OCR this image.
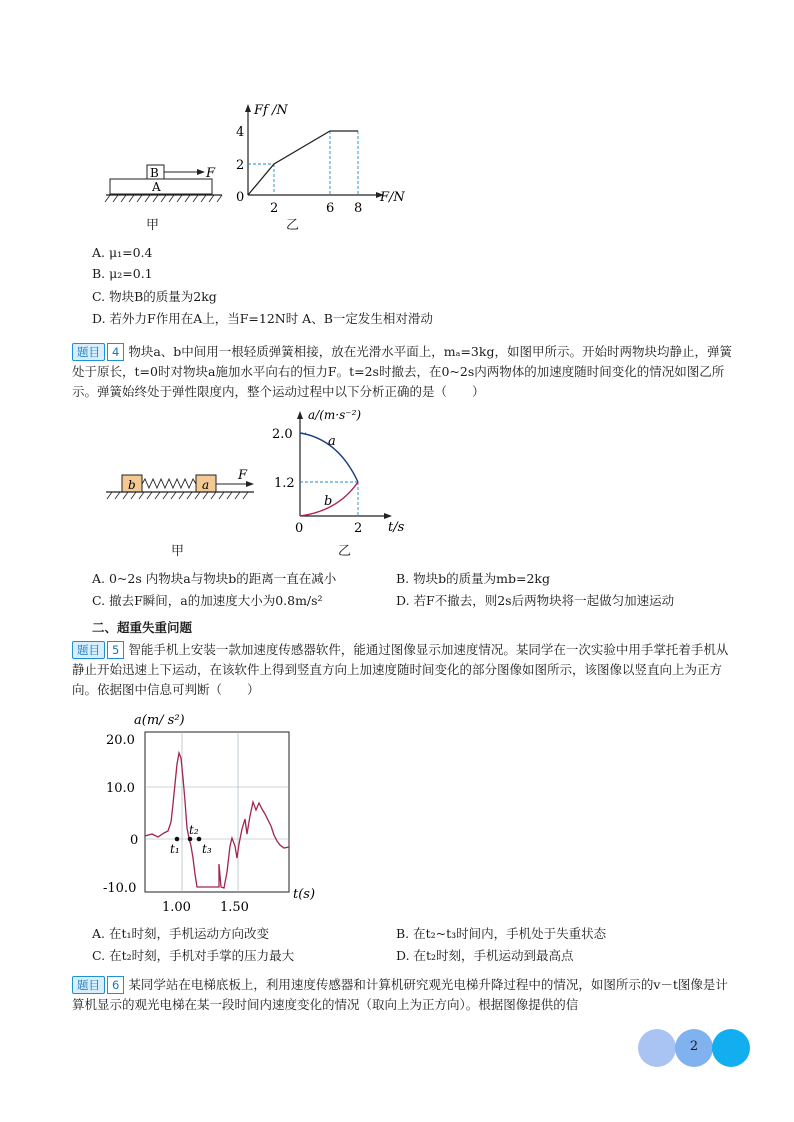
B
A
F
甲
Ff /N
F/N
0
2
4
2	6 8
乙
A. μ₁=0.4
B. μ₂=0.1
C. 物块B的质量为2kg
D. 若外力F作用在A上，当F=12N时 A、B一定发生相对滑动
题目 4 物块a、b中间用一根轻质弹簧相接，放在光滑水平面上，mₐ=3kg，如图甲所示。开始时两物块均静止，弹簧处于原长，t=0时对物块a施加水平向右的恒力F。t=2s时撤去，在0~2s内两物体的加速度随时间变化的情况如图乙所示。弹簧始终处于弹性限度内，整个运动过程中以下分析正确的是（　　）
b	a
F
甲
a/(m·s⁻²)
t/s
2.0
1.2
0	2
a
b
乙
A. 0~2s 内物块a与物块b的距离一直在减小	B. 物块b的质量为mb=2kg
C. 撤去F瞬间，a的加速度大小为0.8m/s²	D. 若F不撤去，则2s后两物块将一起做匀加速运动
二、超重失重问题
题目 5 智能手机上安装一款加速度传感器软件，能通过图像显示加速度情况。某同学在一次实验中用手掌托着手机从静止开始迅速上下运动，在该软件上得到竖直方向上加速度随时间变化的部分图像如图所示，该图像以竖直向上为正方向。依据图中信息可判断（　　）
a(m/ s²)
t(s)
20.0
10.0
0
-10.0
1.00 1.50
t₁
t₂
t₃
A. 在t₁时刻，手机运动方向改变	B. 在t₂~t₃时间内，手机处于失重状态
C. 在t₂时刻，手机对手掌的压力最大	D. 在t₂时刻，手机运动到最高点
题目 6 某同学站在电梯底板上，利用速度传感器和计算机研究观光电梯升降过程中的情况，如图所示的v－t图像是计算机显示的观光电梯在某一段时间内速度变化的情况（取向上为正方向）。根据图像提供的信
2
